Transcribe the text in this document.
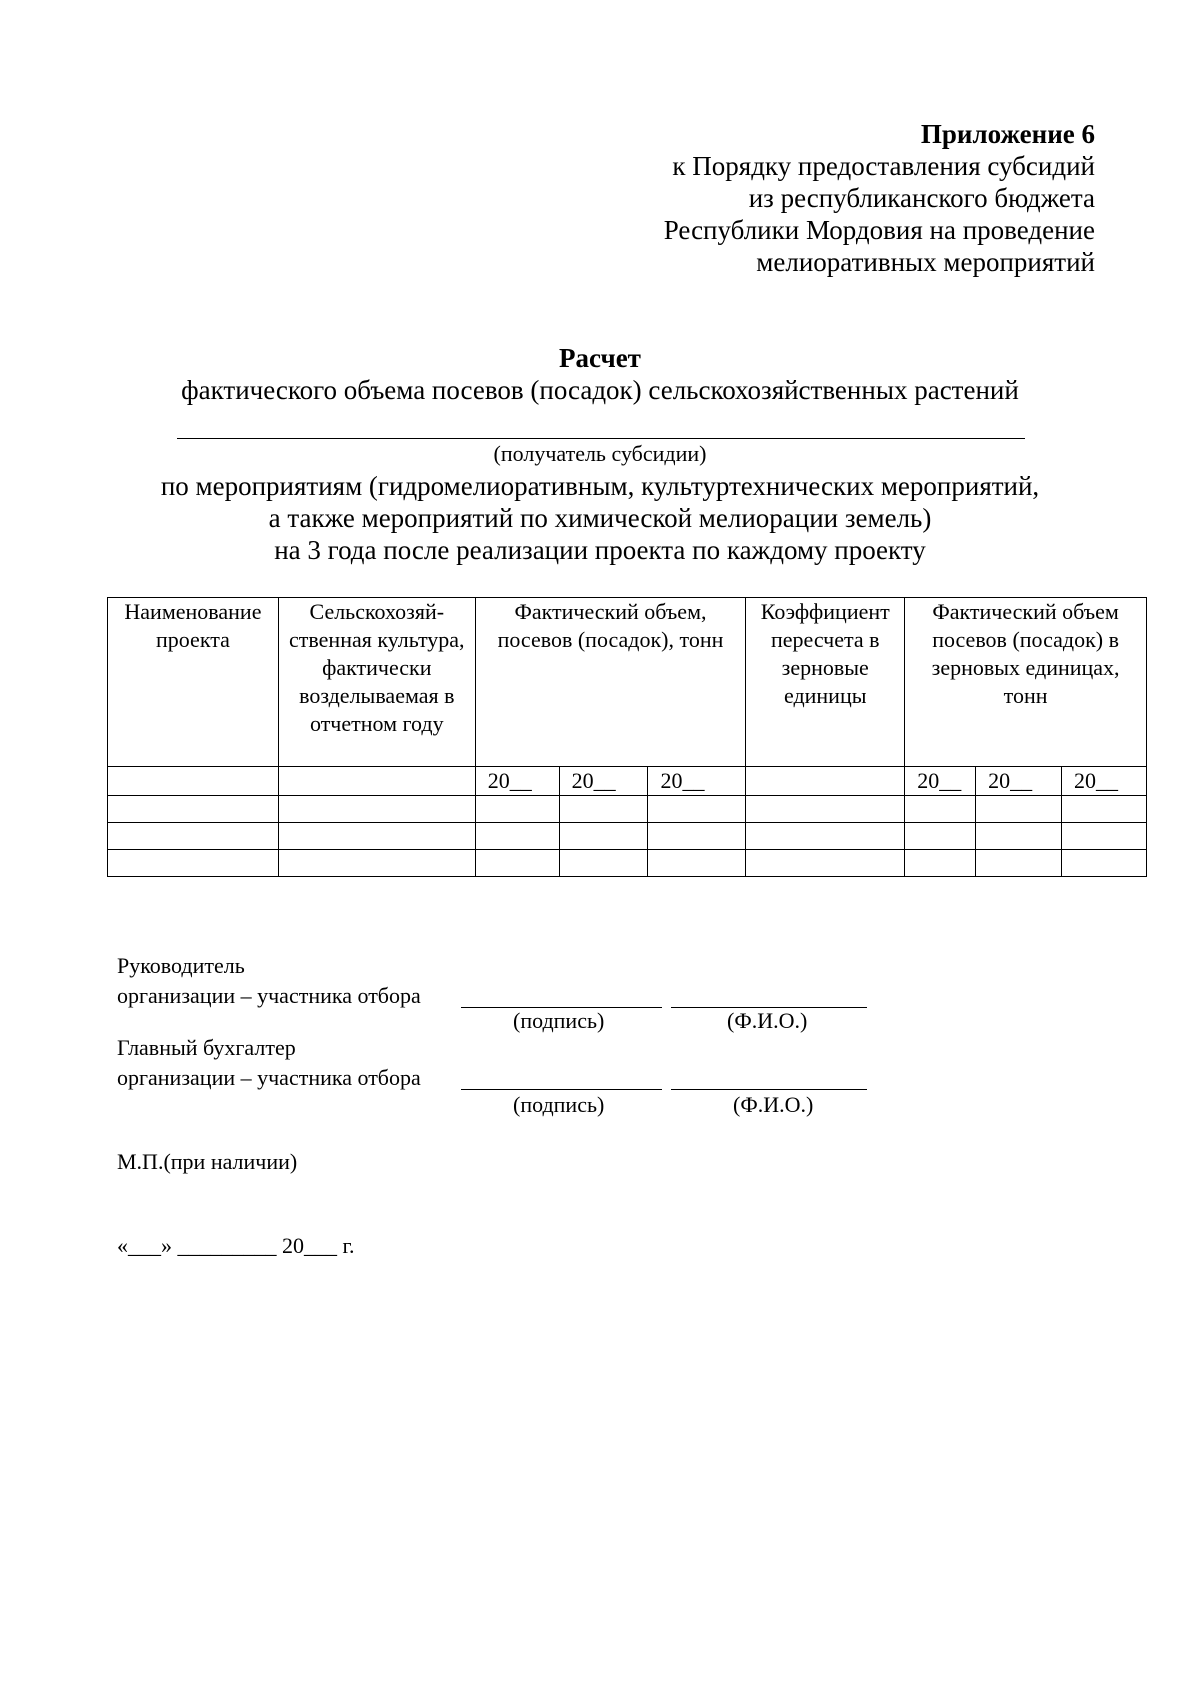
Приложение 6
к Порядку предоставления субсидий
из республиканского бюджета
Республики Мордовия на проведение
мелиоративных мероприятий
Расчет
фактического объема посевов (посадок) сельскохозяйственных растений
(получатель субсидии)
по мероприятиям (гидромелиоративным, культуртехнических мероприятий,
а также мероприятий по химической мелиорации земель)
на 3 года после реализации проекта по каждому проекту
Наименование проекта	Сельскохозяй-ственная культура, фактически возделываемая в отчетном году	Фактический объем, посевов (посадок), тонн			Коэффициент пересчета в зерновые единицы	Фактический объем посевов (посадок) в зерновых единицах, тонн		
		20__	20__	20__		20__	20__	20__

Руководитель
организации – участника отбора
(подпись)	(Ф.И.О.)
Главный бухгалтер
организации – участника отбора
(подпись)	(Ф.И.О.)
М.П.(при наличии)
«___» _________ 20___ г.
